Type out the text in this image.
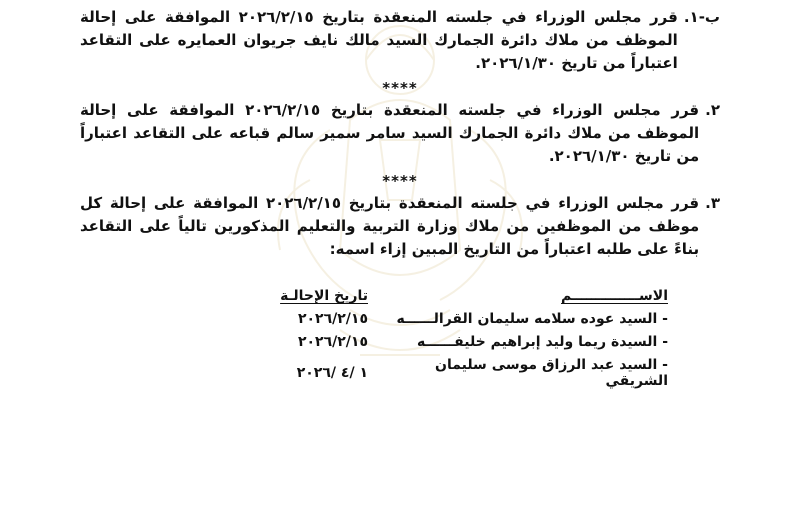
ب-١.
قرر مجلس الوزراء في جلسته المنعقدة بتاريخ ٢٠٢٦/٢/١٥ الموافقة على إحالة الموظف من ملاك دائرة الجمارك السيد مالك نايف جريوان العمايره على التقاعد اعتباراً من تاريخ ٢٠٢٦/١/٣٠.
****
٢.
قرر مجلس الوزراء في جلسته المنعقدة بتاريخ ٢٠٢٦/٢/١٥ الموافقة على إحالة الموظف من ملاك دائرة الجمارك السيد سامر سمير سالم قباعه على التقاعد اعتباراً من تاريخ ٢٠٢٦/١/٣٠.
****
٣.
قرر مجلس الوزراء في جلسته المنعقدة بتاريخ ٢٠٢٦/٢/١٥ الموافقة على إحالة كل موظف من الموظفين من ملاك وزارة التربية والتعليم المذكورين تالياً على التقاعد بناءً على طلبه اعتباراً من التاريخ المبين إزاء اسمه:
الاســــــــــــــم	تاريخ الإحالـة
- السيد عوده سلامه سليمان القرالــــــه	٢٠٢٦/٢/١٥
- السيدة ريما وليد إبراهيم خليفــــــه	٢٠٢٦/٢/١٥
- السيد عبد الرزاق موسى سليمان الشريقي	١ /٤ /٢٠٢٦
